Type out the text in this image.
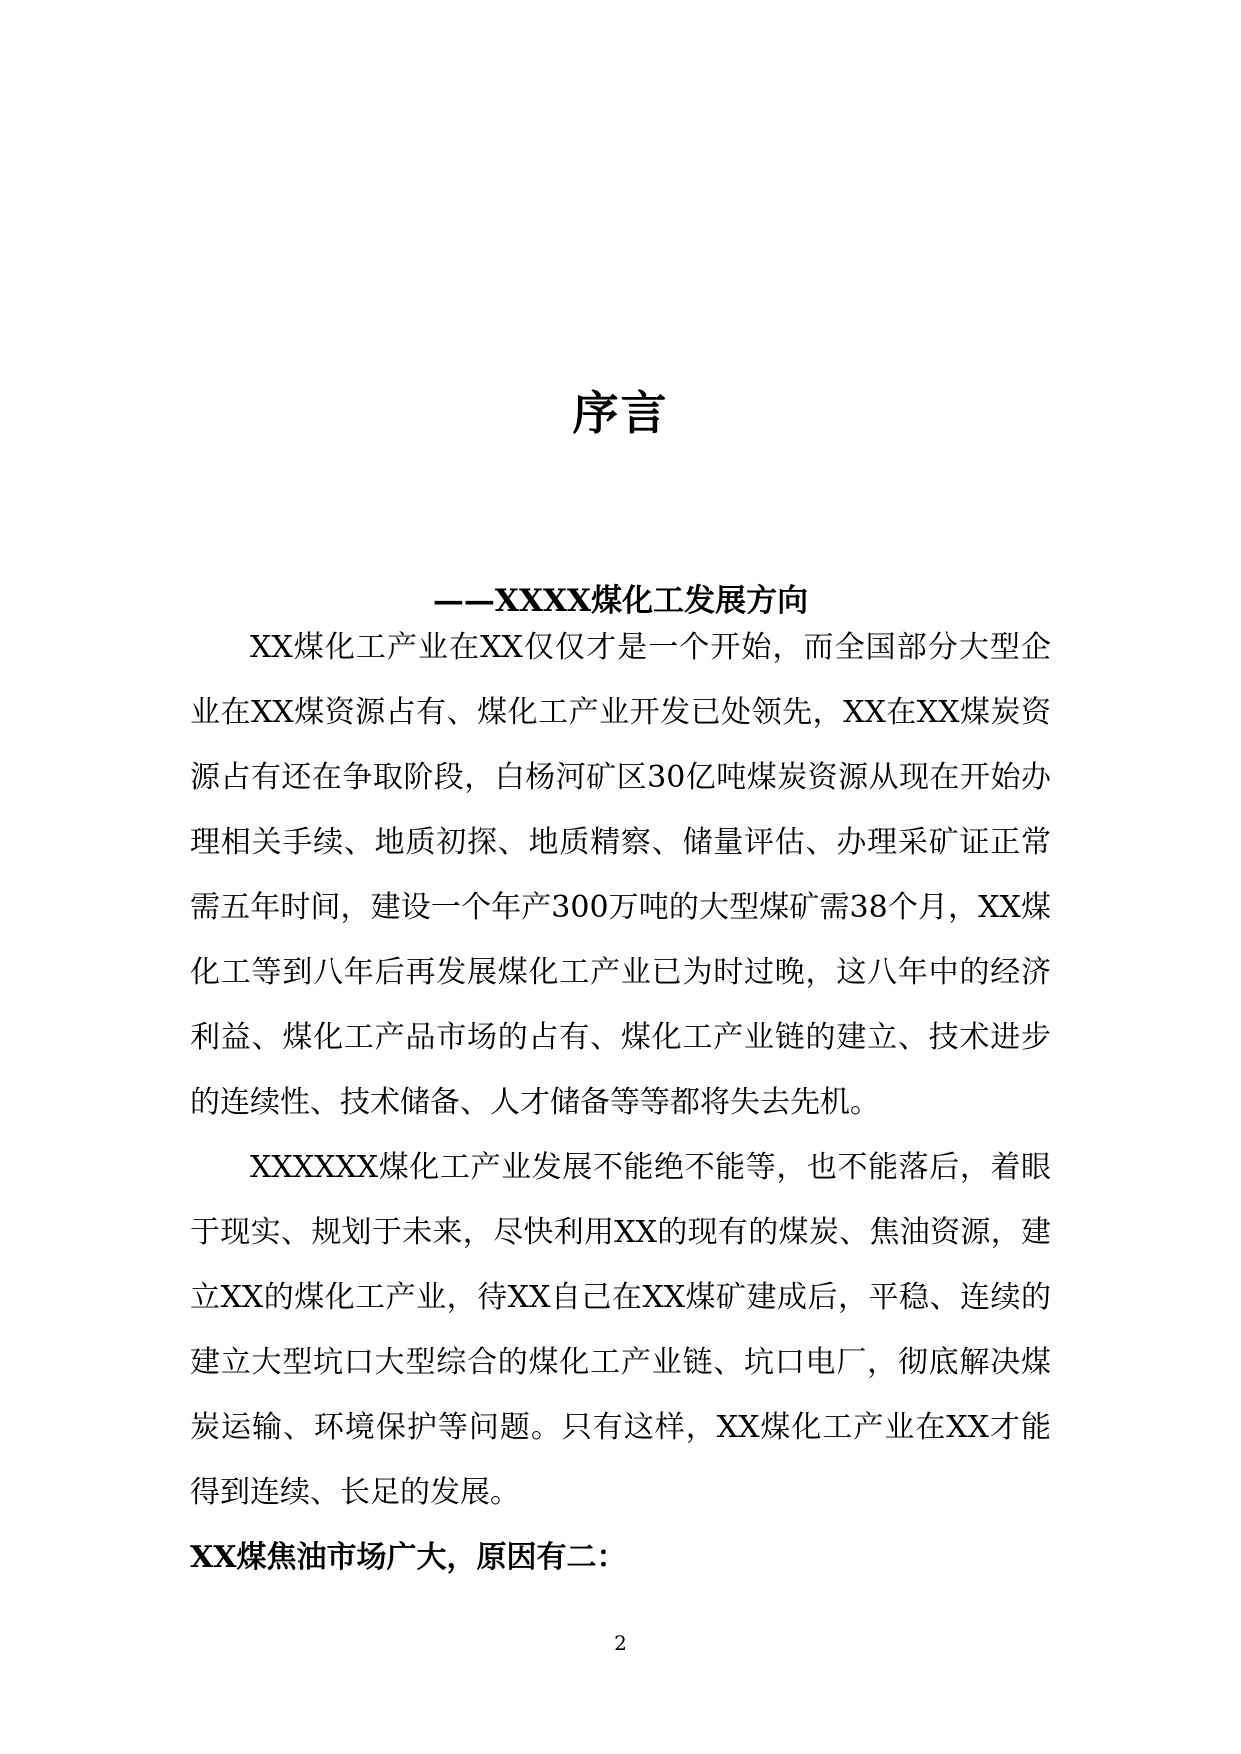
序言
——XXXX煤化工发展方向

XX煤化工产业在XX仅仅才是一个开始，而全国部分大型企业在XX煤资源占有、煤化工产业开发已处领先，XX在XX煤炭资源占有还在争取阶段，白杨河矿区30亿吨煤炭资源从现在开始办理相关手续、地质初探、地质精察、储量评估、办理采矿证正常需五年时间，建设一个年产300万吨的大型煤矿需38个月，XX煤化工等到八年后再发展煤化工产业已为时过晚，这八年中的经济利益、煤化工产品市场的占有、煤化工产业链的建立、技术进步的连续性、技术储备、人才储备等等都将失去先机。

XXXXXX煤化工产业发展不能绝不能等，也不能落后，着眼于现实、规划于未来，尽快利用XX的现有的煤炭、焦油资源，建立XX的煤化工产业，待XX自己在XX煤矿建成后，平稳、连续的建立大型坑口大型综合的煤化工产业链、坑口电厂，彻底解决煤炭运输、环境保护等问题。只有这样，XX煤化工产业在XX才能得到连续、长足的发展。

XX煤焦油市场广大，原因有二：

2
